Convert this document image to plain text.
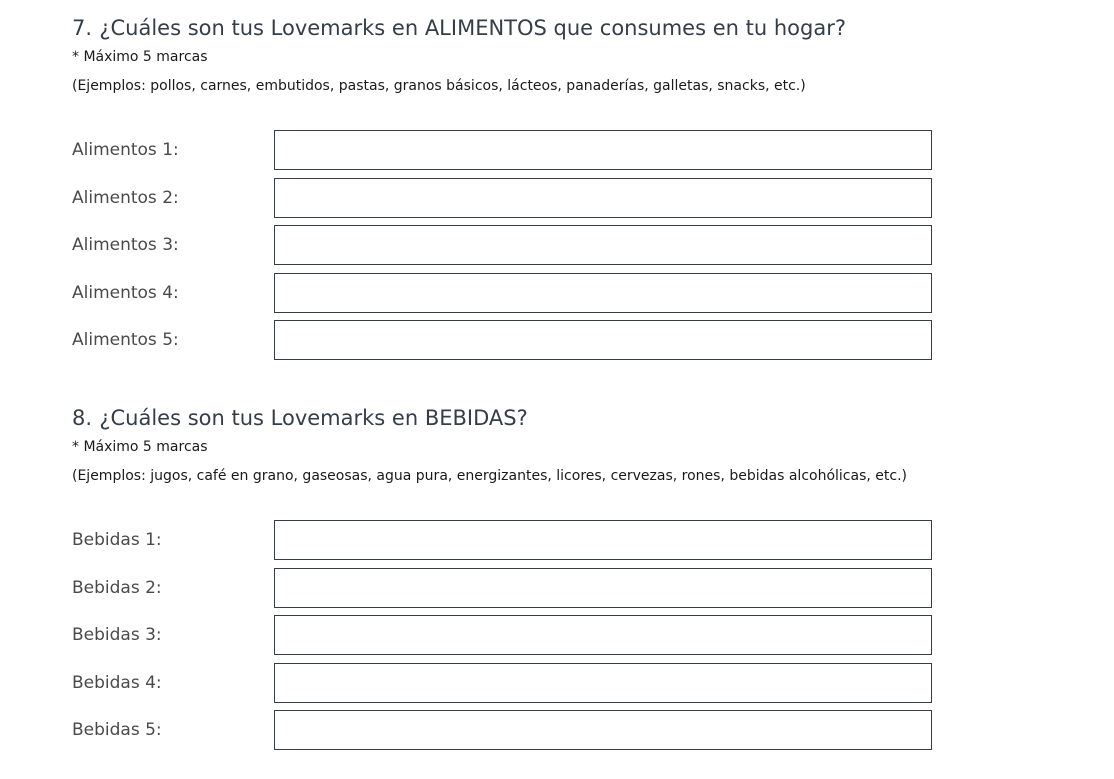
7. ¿Cuáles son tus Lovemarks en ALIMENTOS que consumes en tu hogar?
* Máximo 5 marcas
(Ejemplos: pollos, carnes, embutidos, pastas, granos básicos, lácteos, panaderías, galletas, snacks, etc.)
Alimentos 1:
Alimentos 2:
Alimentos 3:
Alimentos 4:
Alimentos 5:
8. ¿Cuáles son tus Lovemarks en BEBIDAS?
* Máximo 5 marcas
(Ejemplos: jugos, café en grano, gaseosas, agua pura, energizantes, licores, cervezas, rones, bebidas alcohólicas, etc.)
Bebidas 1:
Bebidas 2:
Bebidas 3:
Bebidas 4:
Bebidas 5:
